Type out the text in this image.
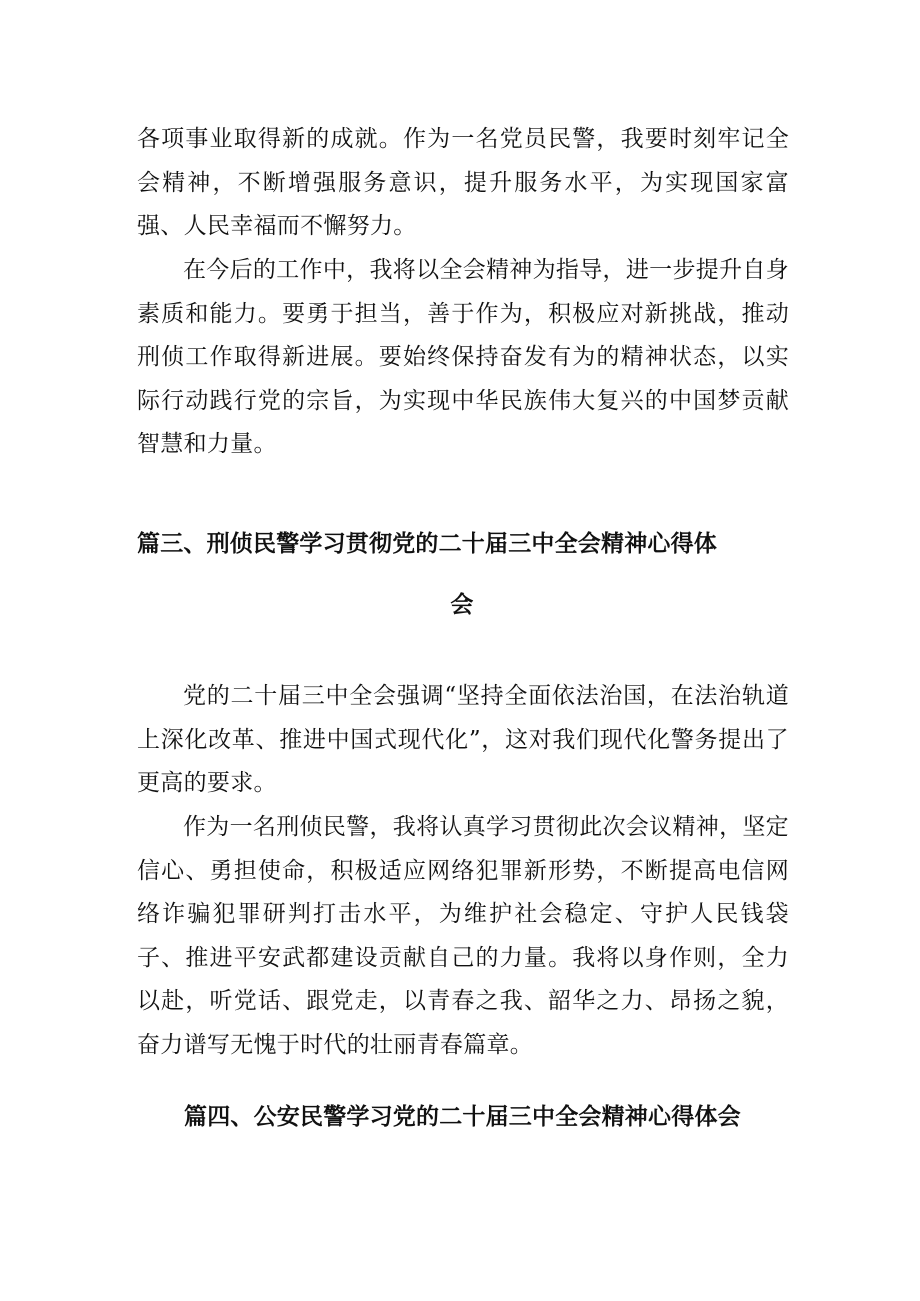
各项事业取得新的成就。作为一名党员民警，我要时刻牢记全会精神，不断增强服务意识，提升服务水平，为实现国家富强、人民幸福而不懈努力。

在今后的工作中，我将以全会精神为指导，进一步提升自身素质和能力。要勇于担当，善于作为，积极应对新挑战，推动刑侦工作取得新进展。要始终保持奋发有为的精神状态，以实际行动践行党的宗旨，为实现中华民族伟大复兴的中国梦贡献智慧和力量。

篇三、刑侦民警学习贯彻党的二十届三中全会精神心得体
会

党的二十届三中全会强调“坚持全面依法治国，在法治轨道上深化改革、推进中国式现代化”，这对我们现代化警务提出了更高的要求。

作为一名刑侦民警，我将认真学习贯彻此次会议精神，坚定信心、勇担使命，积极适应网络犯罪新形势，不断提高电信网络诈骗犯罪研判打击水平，为维护社会稳定、守护人民钱袋子、推进平安武都建设贡献自己的力量。我将以身作则，全力以赴，听党话、跟党走，以青春之我、韶华之力、昂扬之貌，奋力谱写无愧于时代的壮丽青春篇章。

篇四、公安民警学习党的二十届三中全会精神心得体会
